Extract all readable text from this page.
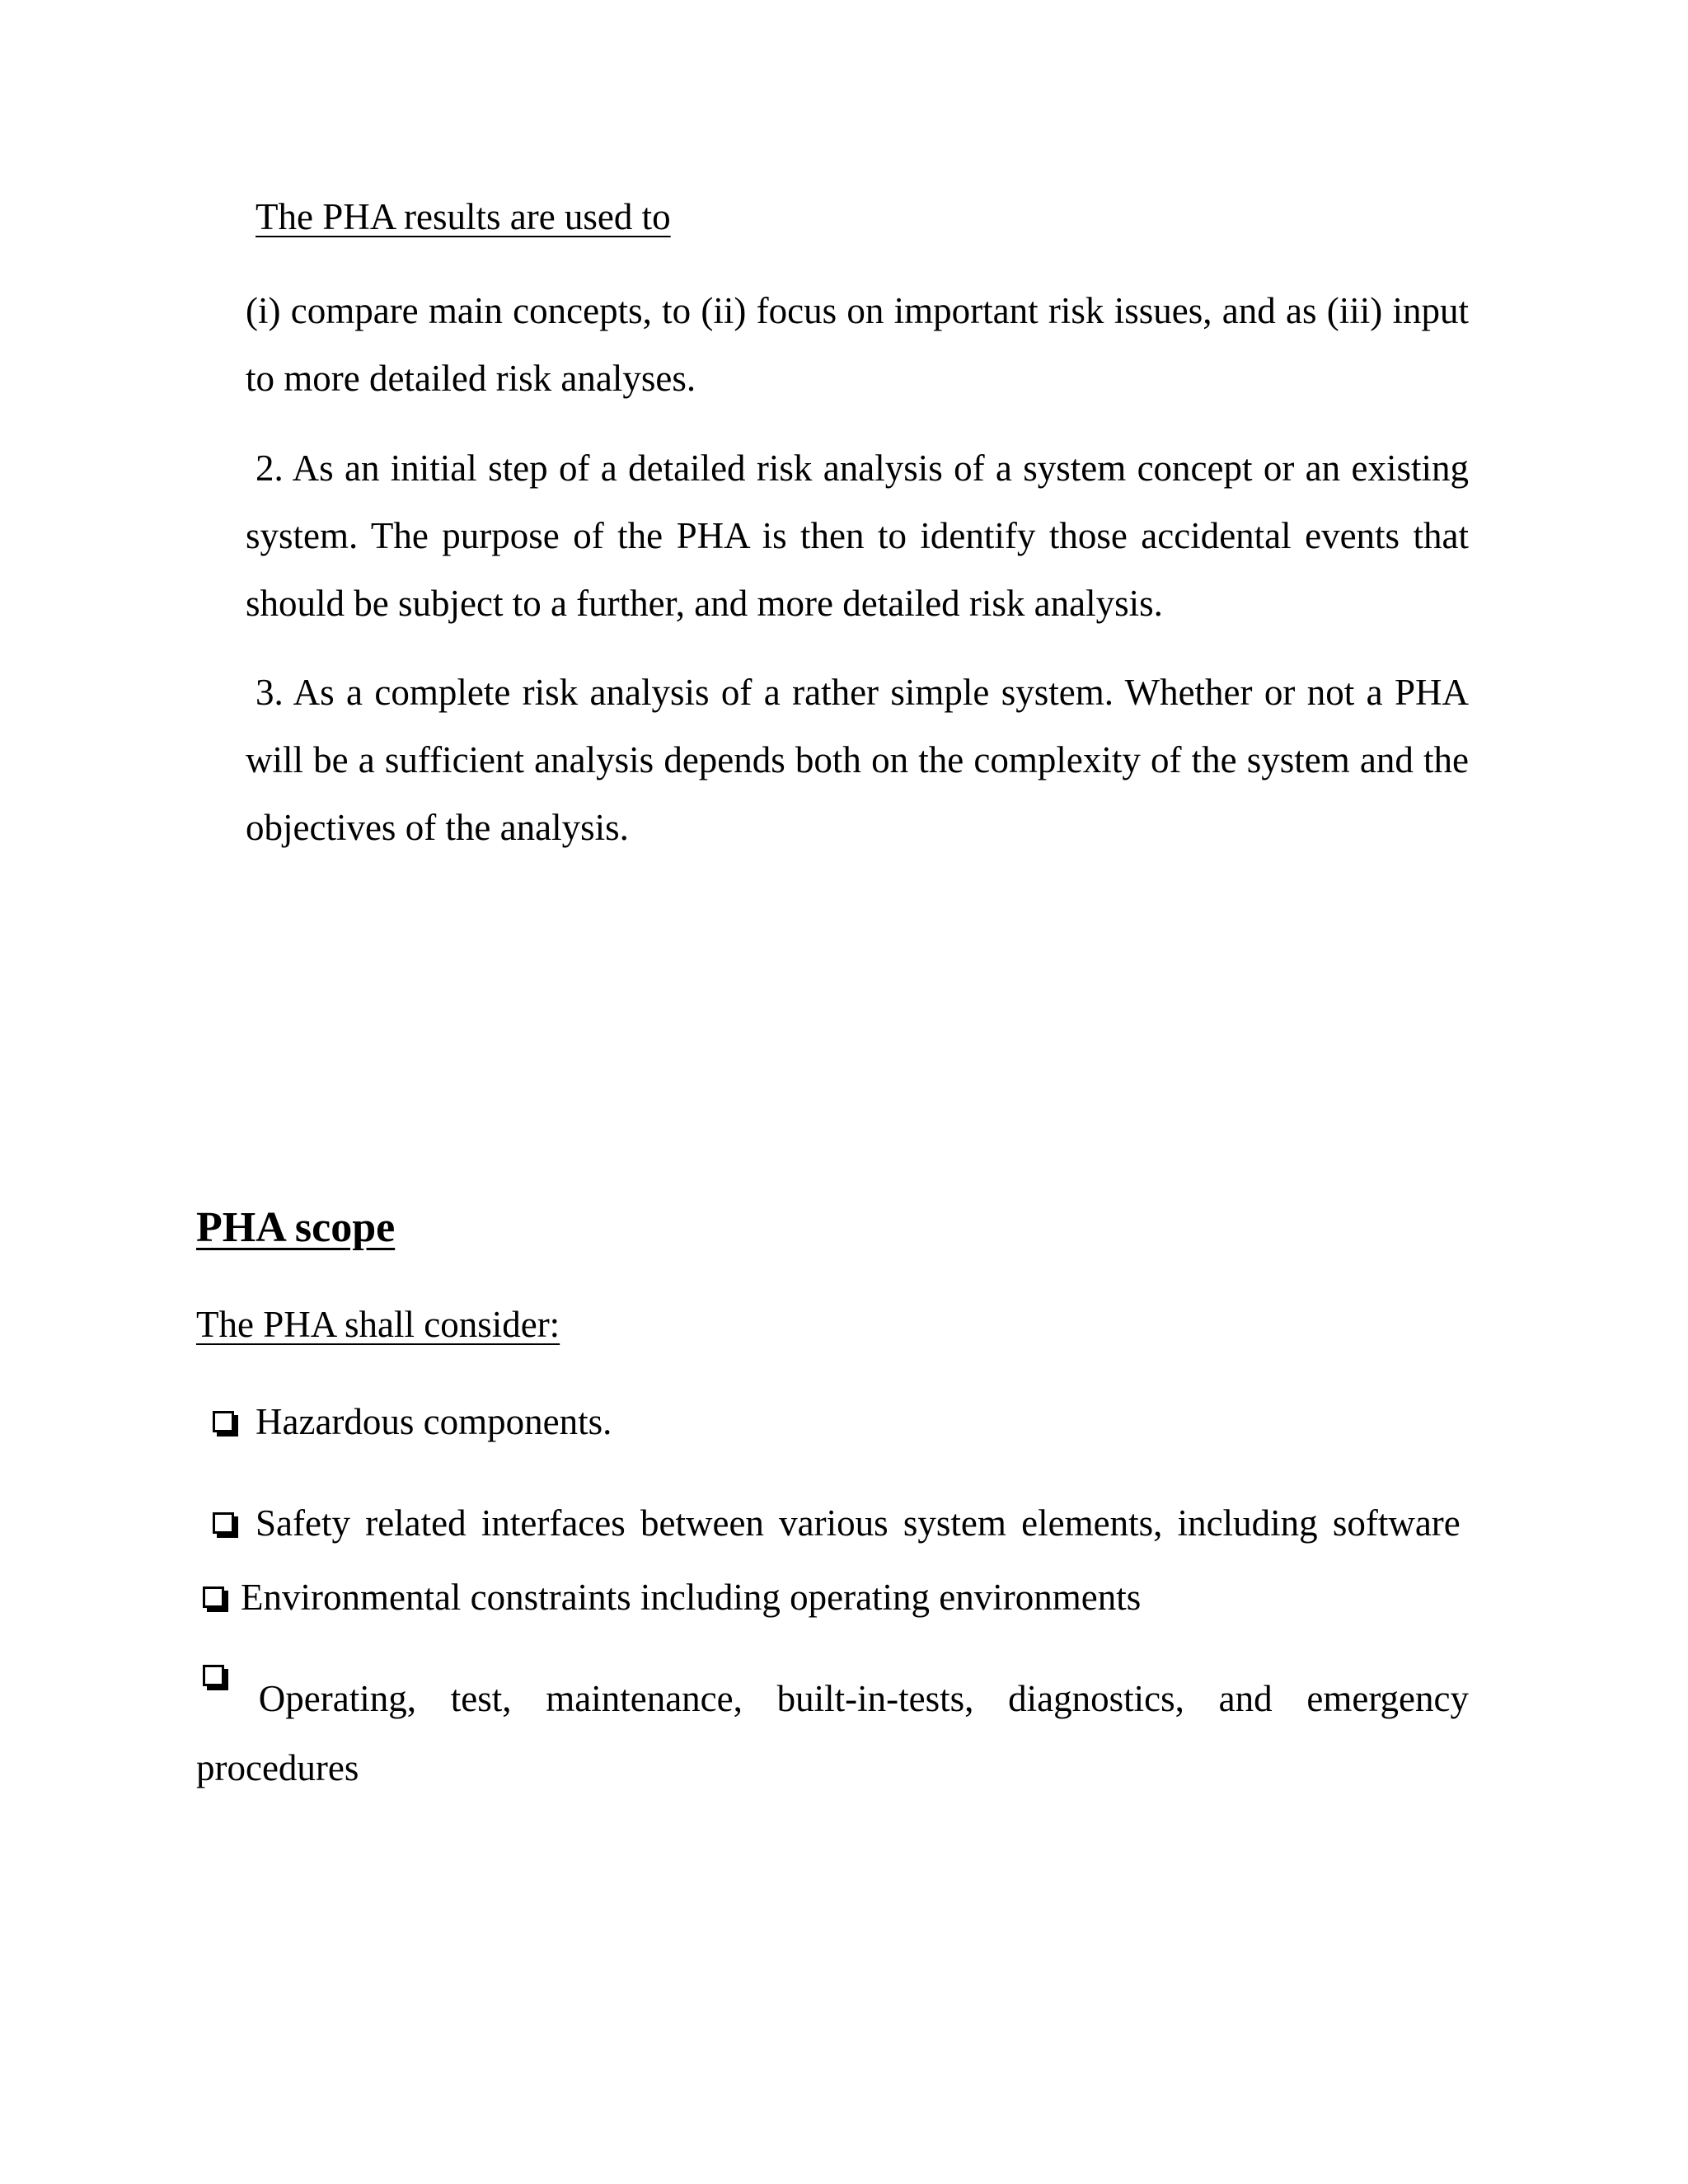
The PHA results are used to

(i) compare main concepts, to (ii) focus on important risk issues, and as (iii) input to more detailed risk analyses.

2. As an initial step of a detailed risk analysis of a system concept or an existing system. The purpose of the PHA is then to identify those accidental events that should be subject to a further, and more detailed risk analysis.

3. As a complete risk analysis of a rather simple system. Whether or not a PHA will be a sufficient analysis depends both on the complexity of the system and the objectives of the analysis.

PHA scope

The PHA shall consider:

Hazardous components.
Safety related interfaces between various system elements, including software
Environmental constraints including operating environments
Operating, test, maintenance, built-in-tests, diagnostics, and emergency
procedures
